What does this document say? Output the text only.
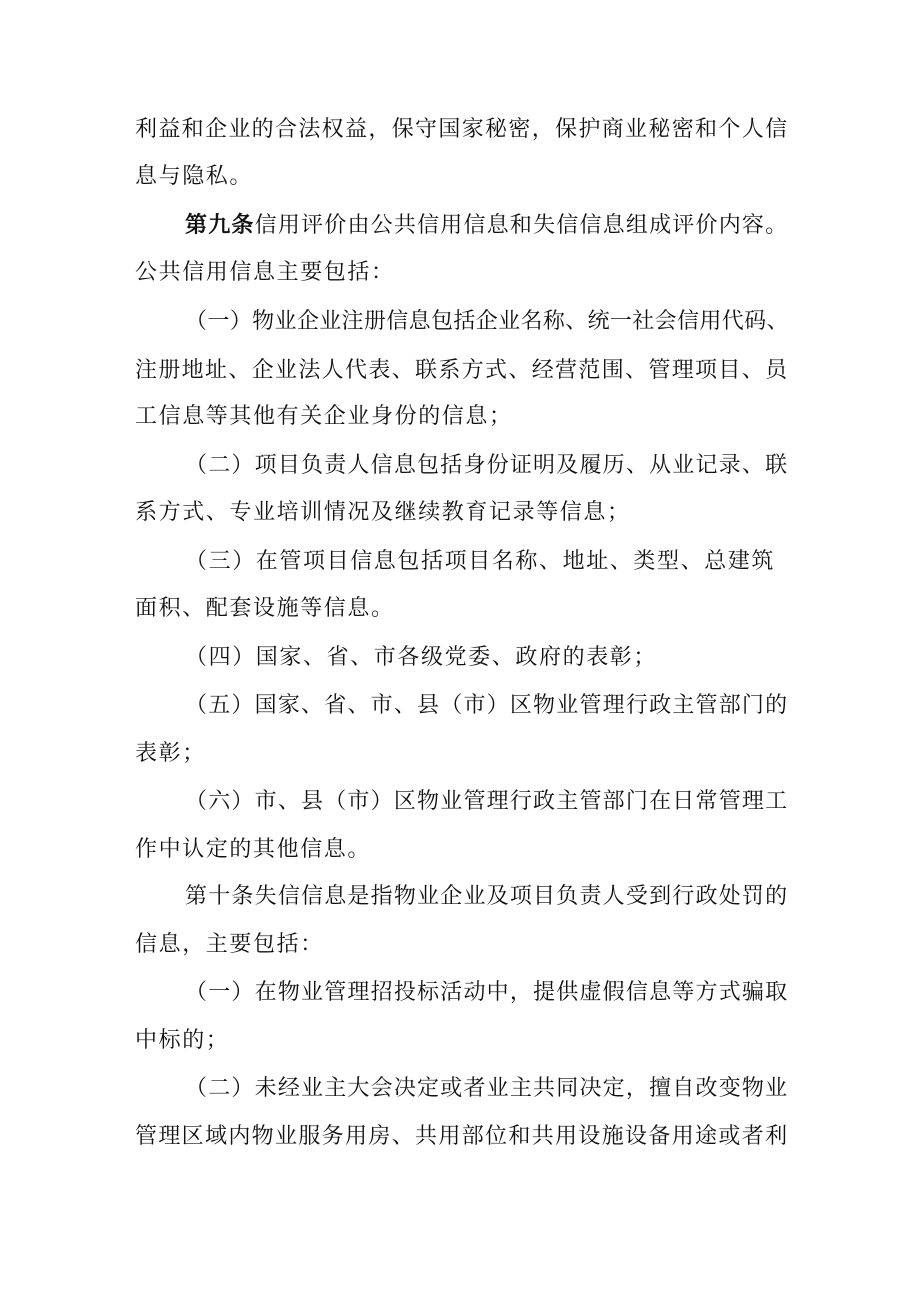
利益和企业的合法权益，保守国家秘密，保护商业秘密和个人信
息与隐私。
第九条信用评价由公共信用信息和失信信息组成评价内容。
公共信用信息主要包括：
（一）物业企业注册信息包括企业名称、统一社会信用代码、
注册地址、企业法人代表、联系方式、经营范围、管理项目、员
工信息等其他有关企业身份的信息；
（二）项目负责人信息包括身份证明及履历、从业记录、联
系方式、专业培训情况及继续教育记录等信息；
（三）在管项目信息包括项目名称、地址、类型、总建筑
面积、配套设施等信息。
（四）国家、省、市各级党委、政府的表彰；
（五）国家、省、市、县（市）区物业管理行政主管部门的
表彰；
（六）市、县（市）区物业管理行政主管部门在日常管理工
作中认定的其他信息。
第十条失信信息是指物业企业及项目负责人受到行政处罚的
信息，主要包括：
（一）在物业管理招投标活动中，提供虚假信息等方式骗取
中标的；
（二）未经业主大会决定或者业主共同决定，擅自改变物业
管理区域内物业服务用房、共用部位和共用设施设备用途或者利
